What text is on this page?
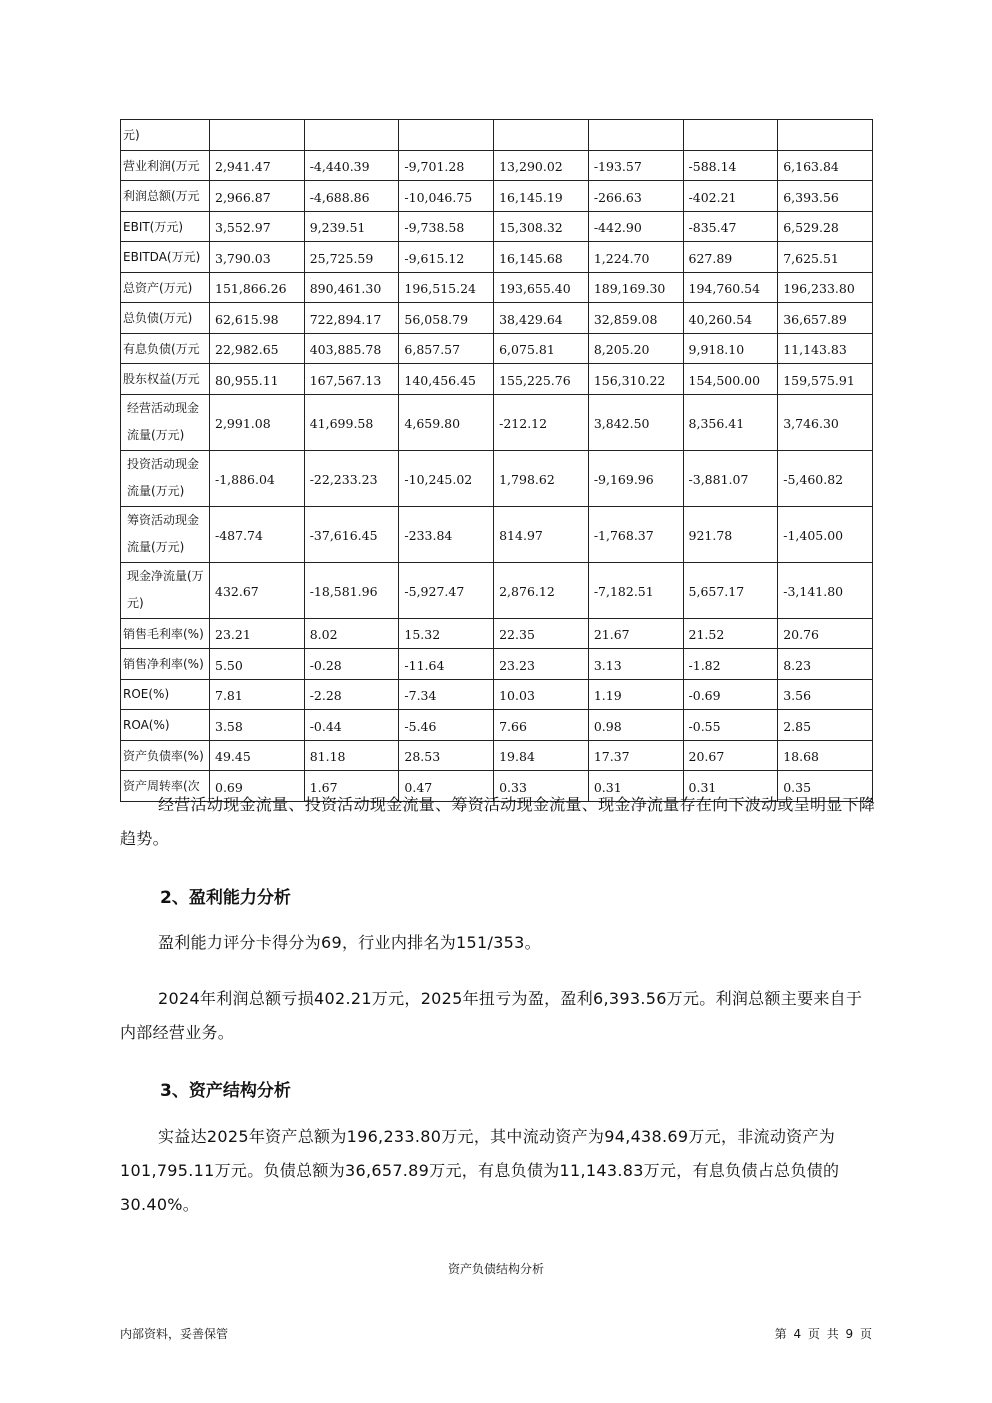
元)							
营业利润(万元	2,941.47	-4,440.39	-9,701.28	13,290.02	-193.57	-588.14	6,163.84
利润总额(万元	2,966.87	-4,688.86	-10,046.75	16,145.19	-266.63	-402.21	6,393.56
EBIT(万元)	3,552.97	9,239.51	-9,738.58	15,308.32	-442.90	-835.47	6,529.28
EBITDA(万元)	3,790.03	25,725.59	-9,615.12	16,145.68	1,224.70	627.89	7,625.51
总资产(万元)	151,866.26	890,461.30	196,515.24	193,655.40	189,169.30	194,760.54	196,233.80
总负债(万元)	62,615.98	722,894.17	56,058.79	38,429.64	32,859.08	40,260.54	36,657.89
有息负债(万元	22,982.65	403,885.78	6,857.57	6,075.81	8,205.20	9,918.10	11,143.83
股东权益(万元	80,955.11	167,567.13	140,456.45	155,225.76	156,310.22	154,500.00	159,575.91
经营活动现金流量(万元)	2,991.08	41,699.58	4,659.80	-212.12	3,842.50	8,356.41	3,746.30
投资活动现金流量(万元)	-1,886.04	-22,233.23	-10,245.02	1,798.62	-9,169.96	-3,881.07	-5,460.82
筹资活动现金流量(万元)	-487.74	-37,616.45	-233.84	814.97	-1,768.37	921.78	-1,405.00
现金净流量(万元)	432.67	-18,581.96	-5,927.47	2,876.12	-7,182.51	5,657.17	-3,141.80
销售毛利率(%)	23.21	8.02	15.32	22.35	21.67	21.52	20.76
销售净利率(%)	5.50	-0.28	-11.64	23.23	3.13	-1.82	8.23
ROE(%)	7.81	-2.28	-7.34	10.03	1.19	-0.69	3.56
ROA(%)	3.58	-0.44	-5.46	7.66	0.98	-0.55	2.85
资产负债率(%)	49.45	81.18	28.53	19.84	17.37	20.67	18.68
资产周转率(次	0.69	1.67	0.47	0.33	0.31	0.31	0.35
经营活动现金流量、投资活动现金流量、筹资活动现金流量、现金净流量存在向下波动或呈明显下降趋势。
2、盈利能力分析
盈利能力评分卡得分为69，行业内排名为151/353。
2024年利润总额亏损402.21万元，2025年扭亏为盈，盈利6,393.56万元。利润总额主要来自于内部经营业务。
3、资产结构分析
实益达2025年资产总额为196,233.80万元，其中流动资产为94,438.69万元，非流动资产为101,795.11万元。负债总额为36,657.89万元，有息负债为11,143.83万元，有息负债占总负债的30.40%。
资产负债结构分析
内部资料，妥善保管	第 4 页 共 9 页
